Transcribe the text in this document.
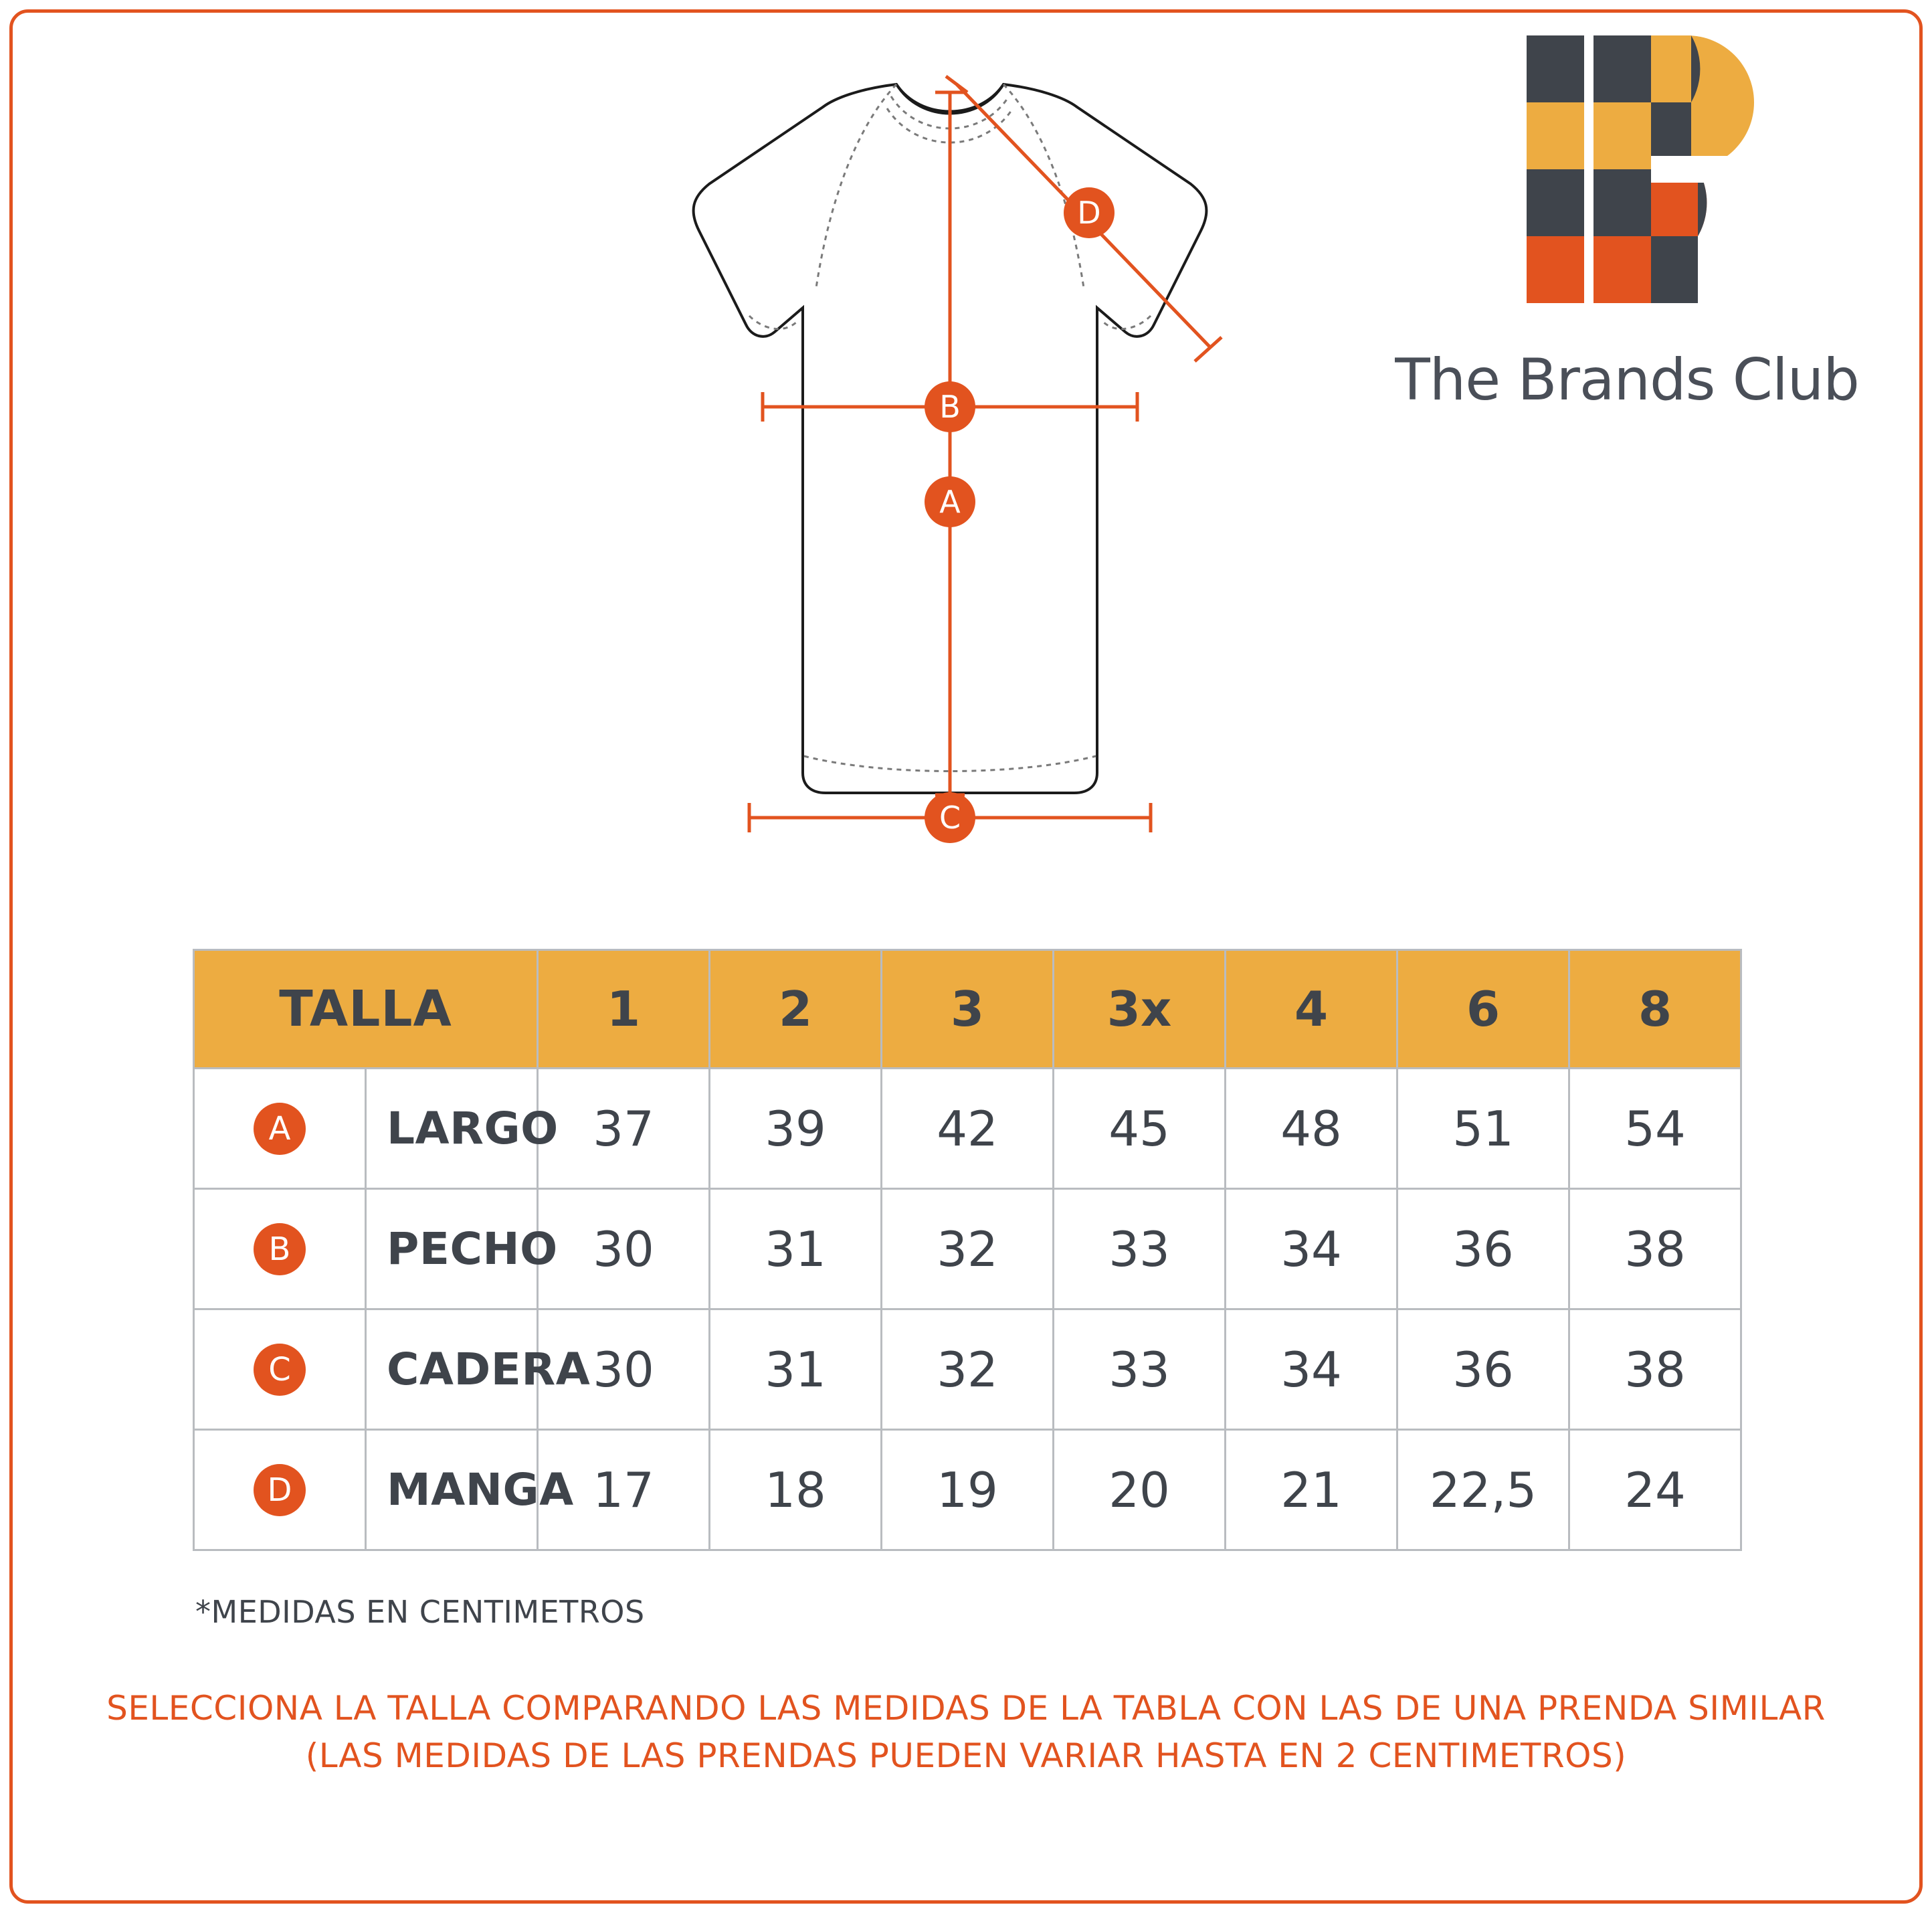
The Brands Club
A
B
C
D
TALLA		1	2	3	3x	4	6	8
A	LARGO	37	39	42	45	48	51	54
B	PECHO	30	31	32	33	34	36	38
C	CADERA	30	31	32	33	34	36	38
D	MANGA	17	18	19	20	21	22,5	24
*MEDIDAS EN CENTIMETROS
SELECCIONA LA TALLA COMPARANDO LAS MEDIDAS DE LA TABLA CON LAS DE UNA PRENDA SIMILAR
(LAS MEDIDAS DE LAS PRENDAS PUEDEN VARIAR HASTA EN 2 CENTIMETROS)
